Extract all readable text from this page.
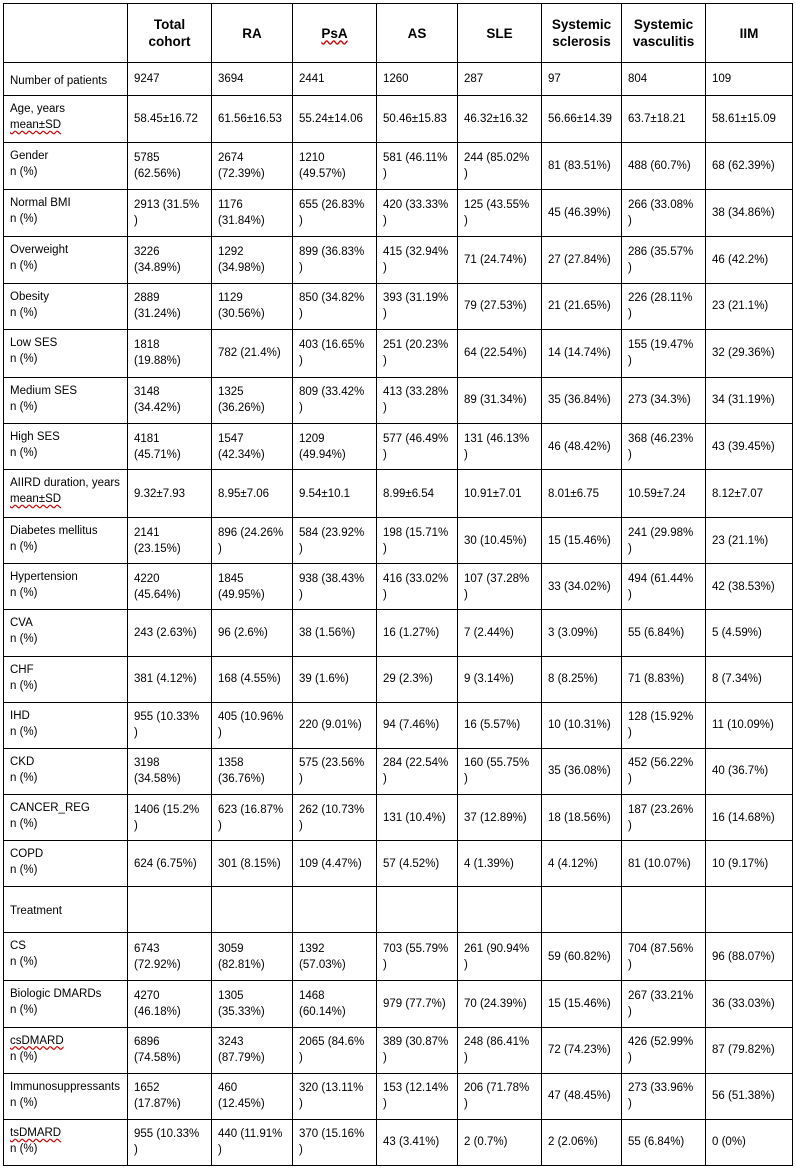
	Total cohort	RA	PsA	AS	SLE	Systemic sclerosis	Systemic vasculitis	IIM

Number of patients	9247	3694	2441	1260	287	97	804	109

Age, years
mean±SD	58.45±16.72	61.56±16.53	55.24±14.06	50.46±15.83	46.32±16.32	56.66±14.39	63.7±18.21	58.61±15.09

Gender
n (%)	5785 (62.56%)	2674 (72.39%)	1210 (49.57%)	581 (46.11% )	244 (85.02% )	81 (83.51%)	488 (60.7%)	68 (62.39%)

Normal BMI
n (%)	2913 (31.5% )	1176 (31.84%)	655 (26.83% )	420 (33.33% )	125 (43.55% )	45 (46.39%)	266 (33.08% )	38 (34.86%)

Overweight
n (%)	3226 (34.89%)	1292 (34.98%)	899 (36.83% )	415 (32.94% )	71 (24.74%)	27 (27.84%)	286 (35.57% )	46 (42.2%)

Obesity
n (%)	2889 (31.24%)	1129 (30.56%)	850 (34.82% )	393 (31.19% )	79 (27.53%)	21 (21.65%)	226 (28.11% )	23 (21.1%)

Low SES
n (%)	1818 (19.88%)	782 (21.4%)	403 (16.65% )	251 (20.23% )	64 (22.54%)	14 (14.74%)	155 (19.47% )	32 (29.36%)

Medium SES
n (%)	3148 (34.42%)	1325 (36.26%)	809 (33.42% )	413 (33.28% )	89 (31.34%)	35 (36.84%)	273 (34.3%)	34 (31.19%)

High SES
n (%)	4181 (45.71%)	1547 (42.34%)	1209 (49.94%)	577 (46.49% )	131 (46.13% )	46 (48.42%)	368 (46.23% )	43 (39.45%)

AIIRD duration, years
mean±SD	9.32±7.93	8.95±7.06	9.54±10.1	8.99±6.54	10.91±7.01	8.01±6.75	10.59±7.24	8.12±7.07

Diabetes mellitus
n (%)	2141 (23.15%)	896 (24.26% )	584 (23.92% )	198 (15.71% )	30 (10.45%)	15 (15.46%)	241 (29.98% )	23 (21.1%)

Hypertension
n (%)	4220 (45.64%)	1845 (49.95%)	938 (38.43% )	416 (33.02% )	107 (37.28% )	33 (34.02%)	494 (61.44% )	42 (38.53%)

CVA
n (%)	243 (2.63%)	96 (2.6%)	38 (1.56%)	16 (1.27%)	7 (2.44%)	3 (3.09%)	55 (6.84%)	5 (4.59%)

CHF
n (%)	381 (4.12%)	168 (4.55%)	39 (1.6%)	29 (2.3%)	9 (3.14%)	8 (8.25%)	71 (8.83%)	8 (7.34%)

IHD
n (%)	955 (10.33% )	405 (10.96% )	220 (9.01%)	94 (7.46%)	16 (5.57%)	10 (10.31%)	128 (15.92% )	11 (10.09%)

CKD
n (%)	3198 (34.58%)	1358 (36.76%)	575 (23.56% )	284 (22.54% )	160 (55.75% )	35 (36.08%)	452 (56.22% )	40 (36.7%)

CANCER_REG
n (%)	1406 (15.2% )	623 (16.87% )	262 (10.73% )	131 (10.4%)	37 (12.89%)	18 (18.56%)	187 (23.26% )	16 (14.68%)

COPD
n (%)	624 (6.75%)	301 (8.15%)	109 (4.47%)	57 (4.52%)	4 (1.39%)	4 (4.12%)	81 (10.07%)	10 (9.17%)

Treatment								

CS
n (%)	6743 (72.92%)	3059 (82.81%)	1392 (57.03%)	703 (55.79% )	261 (90.94% )	59 (60.82%)	704 (87.56% )	96 (88.07%)

Biologic DMARDs
n (%)	4270 (46.18%)	1305 (35.33%)	1468 (60.14%)	979 (77.7%)	70 (24.39%)	15 (15.46%)	267 (33.21% )	36 (33.03%)

csDMARD
n (%)	6896 (74.58%)	3243 (87.79%)	2065 (84.6% )	389 (30.87% )	248 (86.41% )	72 (74.23%)	426 (52.99% )	87 (79.82%)

Immunosuppressants
n (%)	1652 (17.87%)	460 (12.45%)	320 (13.11% )	153 (12.14% )	206 (71.78% )	47 (48.45%)	273 (33.96% )	56 (51.38%)

tsDMARD
n (%)	955 (10.33% )	440 (11.91% )	370 (15.16% )	43 (3.41%)	2 (0.7%)	2 (2.06%)	55 (6.84%)	0 (0%)
